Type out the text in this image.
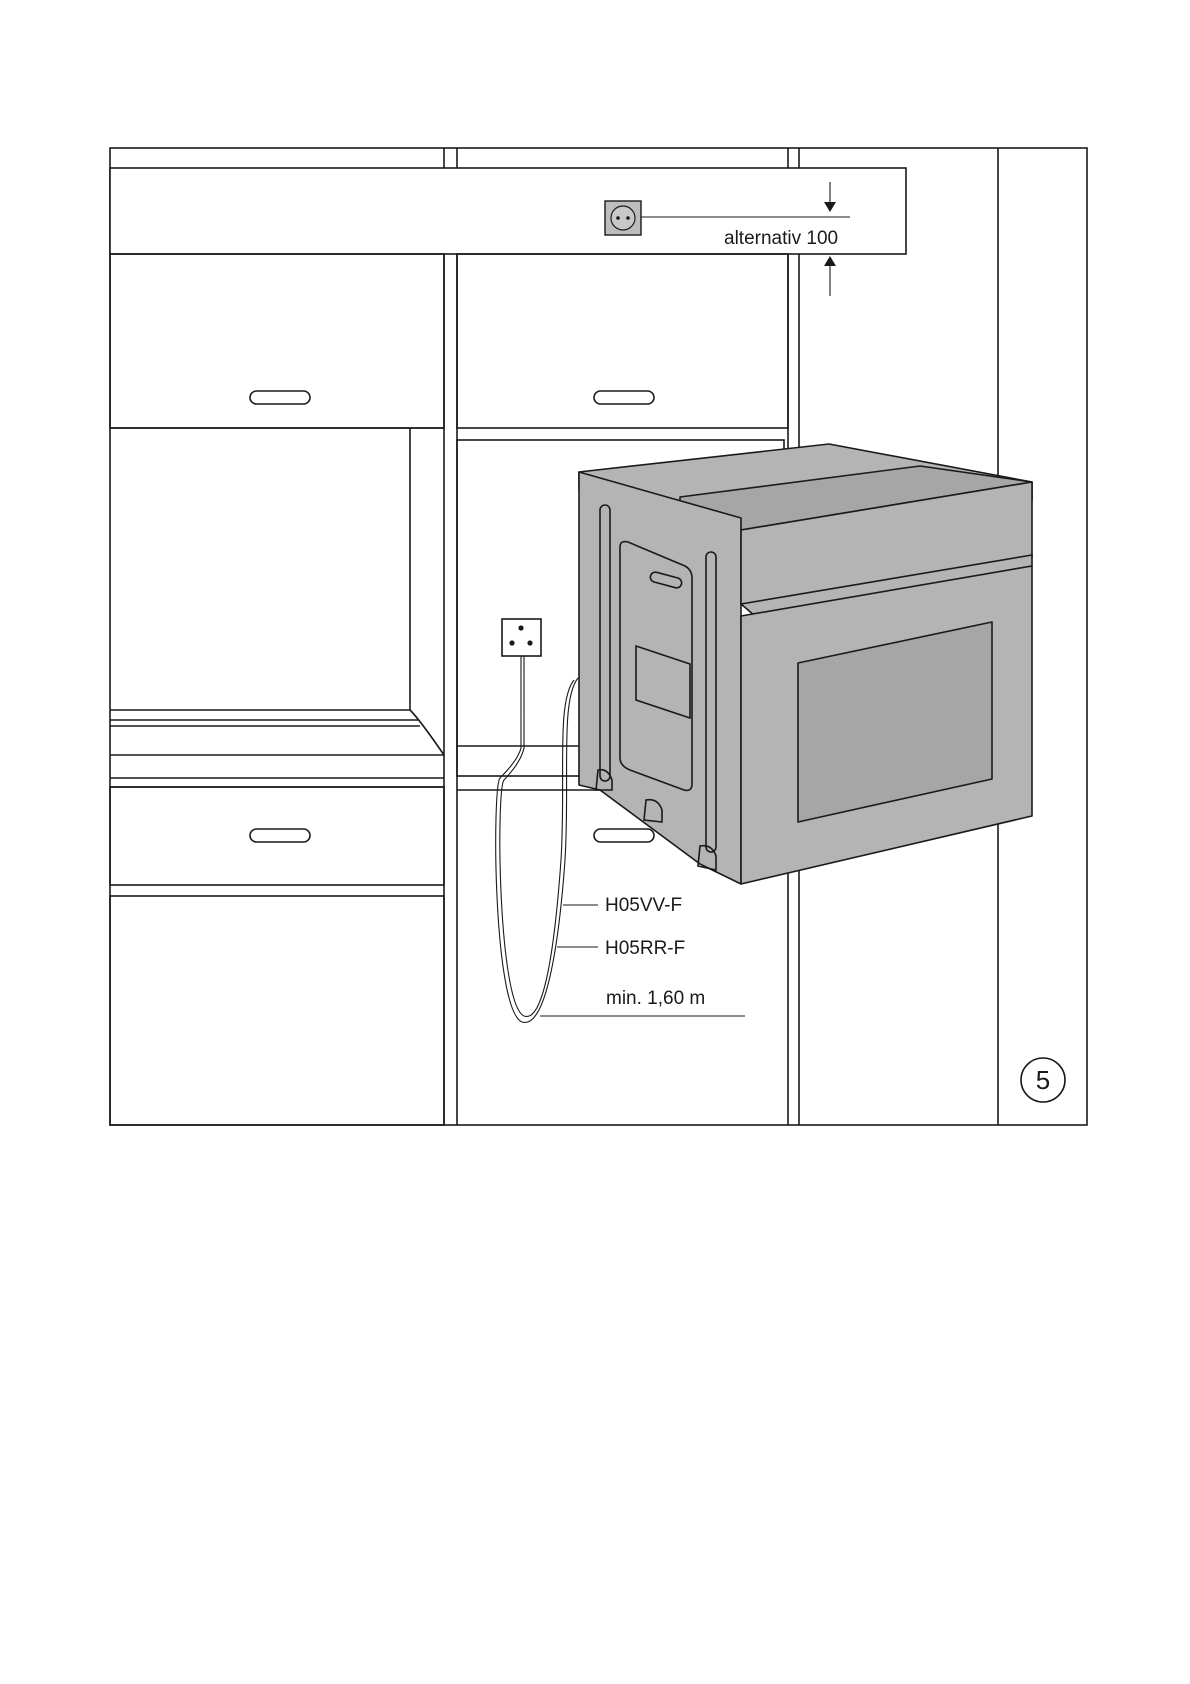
alternativ 100
H05VV-F
H05RR-F
min. 1,60 m
5
